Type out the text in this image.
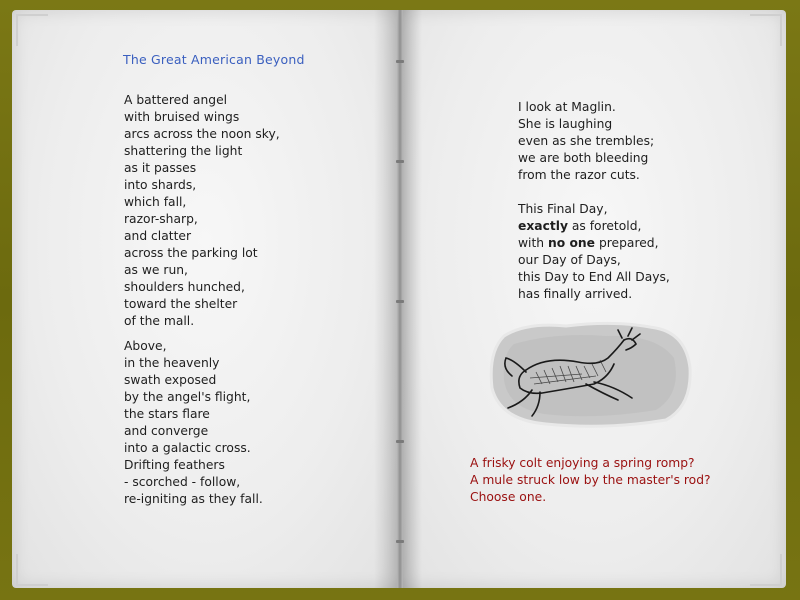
The Great American Beyond
A battered angel
with bruised wings
arcs across the noon sky,
shattering the light
as it passes
into shards,
which fall,
razor-sharp,
and clatter
across the parking lot
as we run,
shoulders hunched,
toward the shelter
of the mall.
Above,
in the heavenly
swath exposed
by the angel's flight,
the stars flare
and converge
into a galactic cross.
Drifting feathers
- scorched - follow,
re-igniting as they fall.
I look at Maglin.
She is laughing
even as she trembles;
we are both bleeding
from the razor cuts.
This Final Day,
exactly as foretold,
with no one prepared,
our Day of Days,
this Day to End All Days,
has finally arrived.
A frisky colt enjoying a spring romp?
A mule struck low by the master's rod?
Choose one.
